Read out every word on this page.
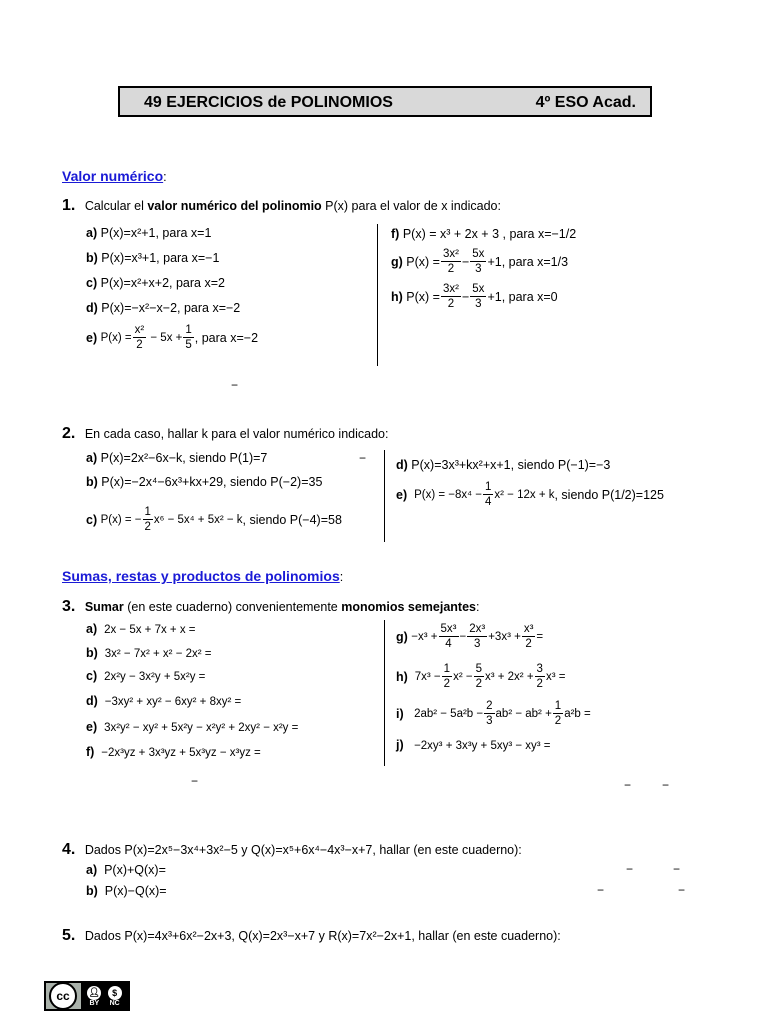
49 EJERCICIOS de POLINOMIOS	4º ESO Acad.
Valor numérico:
1. Calcular el valor numérico del polinomio P(x) para el valor de x indicado:
a) P(x)=x²+1, para x=1
b) P(x)=x³+1, para x=−1
c) P(x)=x²+x+2, para x=2
d) P(x)=−x²−x−2, para x=−2
e)
$P(x) = \frac{\text{x²}}{2} - 5x + \frac{1}{5}$ , para x=−2
f) P(x) = x³ + 2x + 3 , para x=−1/2
g)
$P(x) = \frac{\text{3x²}}{2} - \frac{5x}{3} +1$, para x=1/3
h)
$P(x) = \frac{\text{3x²}}{2} - \frac{5x}{3} +1$, para x=0
−
2. En cada caso, hallar k para el valor numérico indicado:
a) P(x)=2x²−6x−k, siendo P(1)=7	−
b) P(x)=−2x⁴−6x³+kx+29, siendo P(−2)=35
c)
P(x) = − $\frac{1}{2} x^6 - 5x^4 + 5x^2 - k$ , siendo P(−4)=58
d) P(x)=3x³+kx²+x+1, siendo P(−1)=−3
e)
$P(x) = -8x^4 - \frac{1}{4} x^2 - 12x + k$ , siendo P(1/2)=125
Sumas, restas y productos de polinomios:
3. Sumar (en este cuaderno) convenientemente monomios semejantes:
a) 2x − 5x + 7x + x =
b) 3x² − 7x² + x² − 2x² =
c) 2x²y − 3x²y + 5x²y =
d) −3xy² + xy² − 6xy² + 8xy² =
e) 3x²y² − xy² + 5x²y − x²y² + 2xy² − x²y =
f) −2x³yz + 3x³yz + 5x³yz − x³yz =
−
g)
$-x^3 + \frac{\text{5x³}}{4} - \frac{\text{2x³}}{3} +3x^3 + \frac{\text{x³}}{2}$ =
h)
$7x^3 - \frac{1}{2} x^2 - \frac{5}{2} x^3 + 2x^2 + \frac{3}{2} x^3$ =
i)
$2ab^2 - 5a^2b - \frac{2}{3} ab^2 - ab^2 + \frac{1}{2} a^2b$ =
j) −2xy³ + 3x³y + 5xy³ − xy³ =
−	−
4. Dados P(x)=2x⁵−3x⁴+3x²−5 y Q(x)=x⁵+6x⁴−4x³−x+7, hallar (en este cuaderno):
a) P(x)+Q(x)=
b) P(x)−Q(x)=
−	−
−	−
5. Dados P(x)=4x³+6x²−2x+3, Q(x)=2x³−x+7 y R(x)=7x²−2x+1, hallar (en este cuaderno):
cc 👤︎
BY
$
NC
